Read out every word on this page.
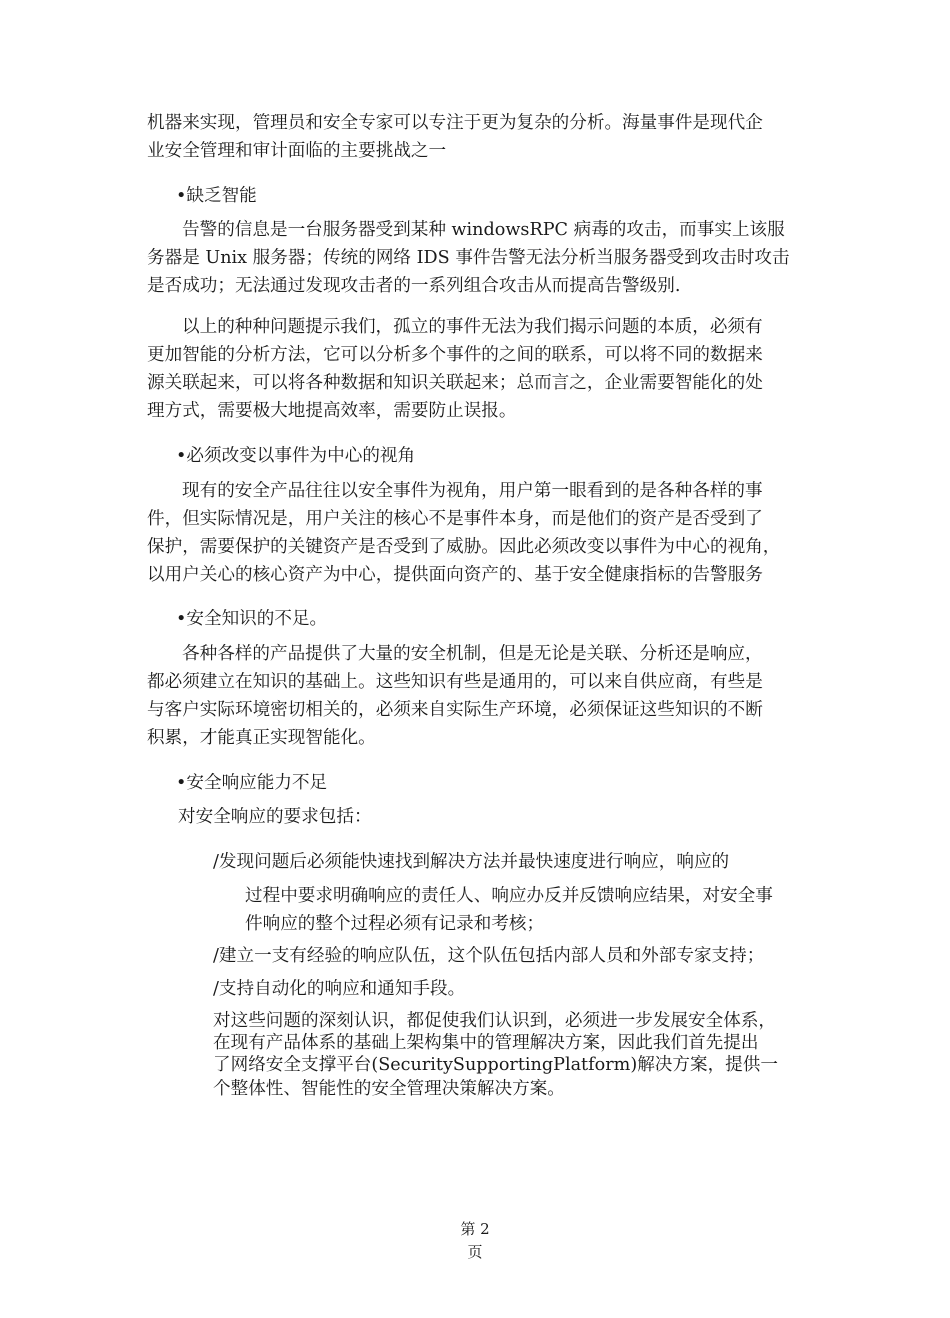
机器来实现，管理员和安全专家可以专注于更为复杂的分析。海量事件是现代企
业安全管理和审计面临的主要挑战之一
•缺乏智能
告警的信息是一台服务器受到某种 windowsRPC 病毒的攻击，而事实上该服
务器是 Unix 服务器；传统的网络 IDS 事件告警无法分析当服务器受到攻击时攻击
是否成功；无法通过发现攻击者的一系列组合攻击从而提高告警级别.
以上的种种问题提示我们，孤立的事件无法为我们揭示问题的本质，必须有
更加智能的分析方法，它可以分析多个事件的之间的联系，可以将不同的数据来
源关联起来，可以将各种数据和知识关联起来；总而言之，企业需要智能化的处
理方式，需要极大地提高效率，需要防止误报。
•必须改变以事件为中心的视角
现有的安全产品往往以安全事件为视角，用户第一眼看到的是各种各样的事
件，但实际情况是，用户关注的核心不是事件本身，而是他们的资产是否受到了
保护，需要保护的关键资产是否受到了威胁。因此必须改变以事件为中心的视角，
以用户关心的核心资产为中心，提供面向资产的、基于安全健康指标的告警服务
•安全知识的不足。
各种各样的产品提供了大量的安全机制，但是无论是关联、分析还是响应，
都必须建立在知识的基础上。这些知识有些是通用的，可以来自供应商，有些是
与客户实际环境密切相关的，必须来自实际生产环境，必须保证这些知识的不断
积累，才能真正实现智能化。
•安全响应能力不足
对安全响应的要求包括：
/发现问题后必须能快速找到解决方法并最快速度进行响应，响应的
过程中要求明确响应的责任人、响应办反并反馈响应结果，对安全事
件响应的整个过程必须有记录和考核；
/建立一支有经验的响应队伍，这个队伍包括内部人员和外部专家支持；
/支持自动化的响应和通知手段。
对这些问题的深刻认识，都促使我们认识到，必须进一步发展安全体系，
在现有产品体系的基础上架构集中的管理解决方案，因此我们首先提出
了网络安全支撑平台(SecuritySupportingPlatform)解决方案，提供一
个整体性、智能性的安全管理决策解决方案。
第 2
页
